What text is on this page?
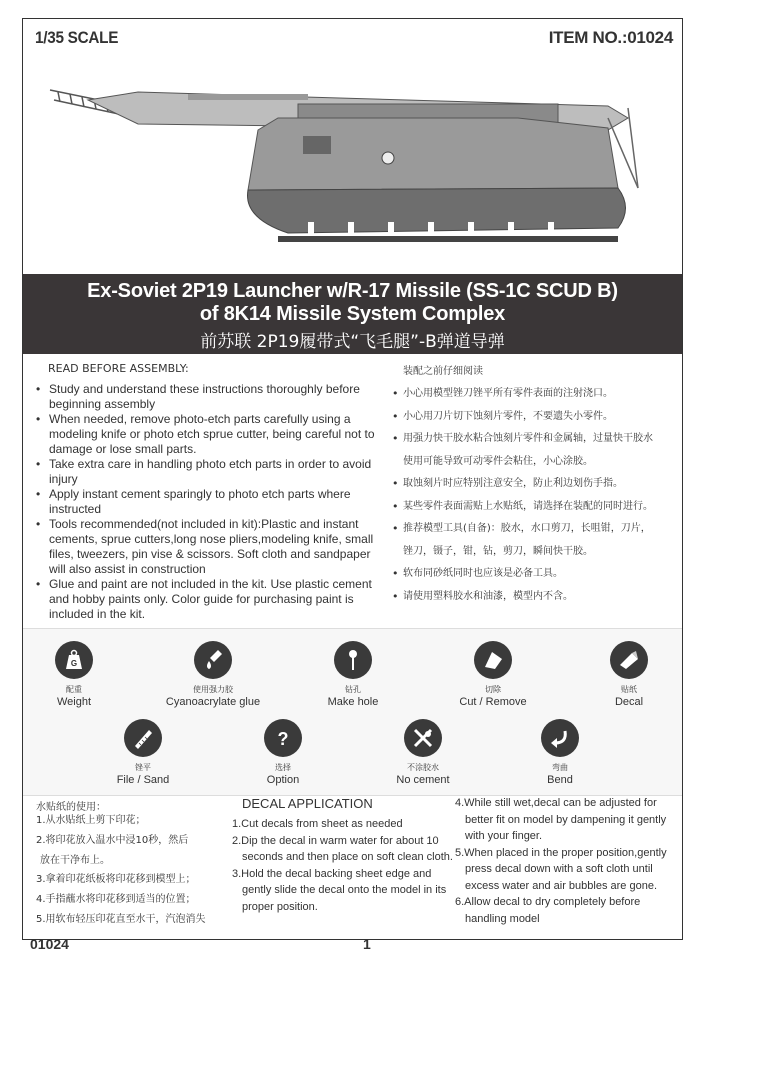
1/35 SCALE	ITEM NO.:01024
Ex-Soviet 2P19 Launcher w/R-17 Missile (SS-1C SCUD B)
of 8K14 Missile System Complex
前苏联 2P19履带式“飞毛腿”-B弹道导弹
READ BEFORE ASSEMBLY:
• Study and understand these instructions thoroughly before beginning assembly
• When needed, remove photo-etch parts carefully using a modeling knife or photo etch sprue cutter, being careful not to damage or lose small parts.
• Take extra care in handling photo etch parts in order to avoid injury
• Apply instant cement sparingly to photo etch parts where instructed
• Tools recommended(not included in kit):Plastic and instant cements, sprue cutters,long nose pliers,modeling knife, small files, tweezers, pin vise & scissors. Soft cloth and sandpaper will also assist in construction
• Glue and paint are not included in the kit. Use plastic cement and hobby paints only. Color guide for purchasing paint is included in the kit.
装配之前仔细阅读
• 小心用模型锉刀锉平所有零件表面的注射浇口。
• 小心用刀片切下蚀刻片零件，不要遗失小零件。
• 用强力快干胶水粘合蚀刻片零件和金属轴，过量快干胶水
使用可能导致可动零件会粘住，小心涂胶。
• 取蚀刻片时应特别注意安全，防止利边划伤手指。
• 某些零件表面需贴上水贴纸，请选择在装配的同时进行。
• 推荐模型工具(自备)：胶水，水口剪刀，长咀钳，刀片，
锉刀，镊子，钳，钻，剪刀，瞬间快干胶。
• 软布同砂纸同时也应该是必备工具。
• 请使用塑料胶水和油漆，模型内不含。
G
配重
Weight
使用强力胶
Cyanoacrylate glue
钻孔
Make hole
切除
Cut / Remove
贴纸
Decal
锉平
File / Sand
?
选择
Option
不涂胶水
No cement
弯曲
Bend
水贴纸的使用：
1.从水贴纸上剪下印花；
2.将印花放入温水中浸10秒，然后
放在干净布上。
3.拿着印花纸板将印花移到模型上；
4.手指蘸水将印花移到适当的位置；
5.用软布轻压印花直至水干，汽泡消失
DECAL APPLICATION
1.Cut decals from sheet as needed
2.Dip the decal in warm water for about 10 seconds and then place on soft clean cloth.
3.Hold the decal backing sheet edge and gently slide the decal onto the model in its proper position.
4.While still wet,decal can be adjusted for better fit on model by dampening it gently with your finger.
5.When placed in the proper position,gently press decal down with a soft cloth until excess water and air bubbles are gone.
6.Allow decal to dry completely before handling model
01024	1
